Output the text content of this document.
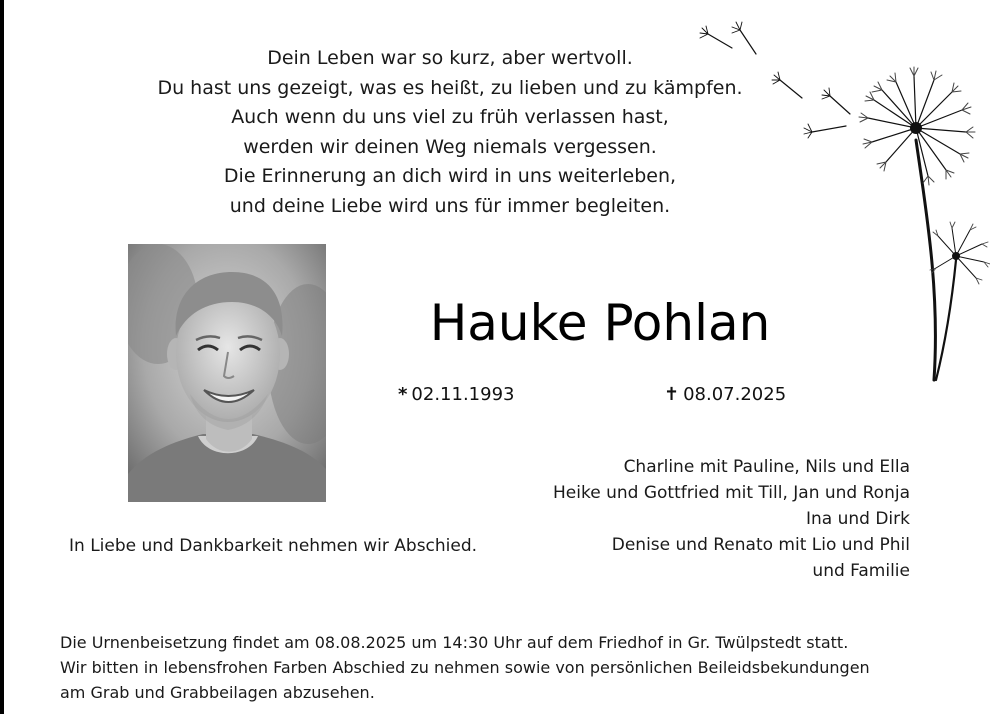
Dein Leben war so kurz, aber wertvoll.
Du hast uns gezeigt, was es heißt, zu lieben und zu kämpfen.
Auch wenn du uns viel zu früh verlassen hast,
werden wir deinen Weg niemals vergessen.
Die Erinnerung an dich wird in uns weiterleben,
und deine Liebe wird uns für immer begleiten.
Hauke Pohlan
* 02.11.1993	✝ 08.07.2025
Charline mit Pauline, Nils und Ella
Heike und Gottfried mit Till, Jan und Ronja
Ina und Dirk
Denise und Renato mit Lio und Phil
und Familie
In Liebe und Dankbarkeit nehmen wir Abschied.
Die Urnenbeisetzung findet am 08.08.2025 um 14:30 Uhr auf dem Friedhof in Gr. Twülpstedt statt.
Wir bitten in lebensfrohen Farben Abschied zu nehmen sowie von persönlichen Beileidsbekundungen
am Grab und Grabbeilagen abzusehen.
